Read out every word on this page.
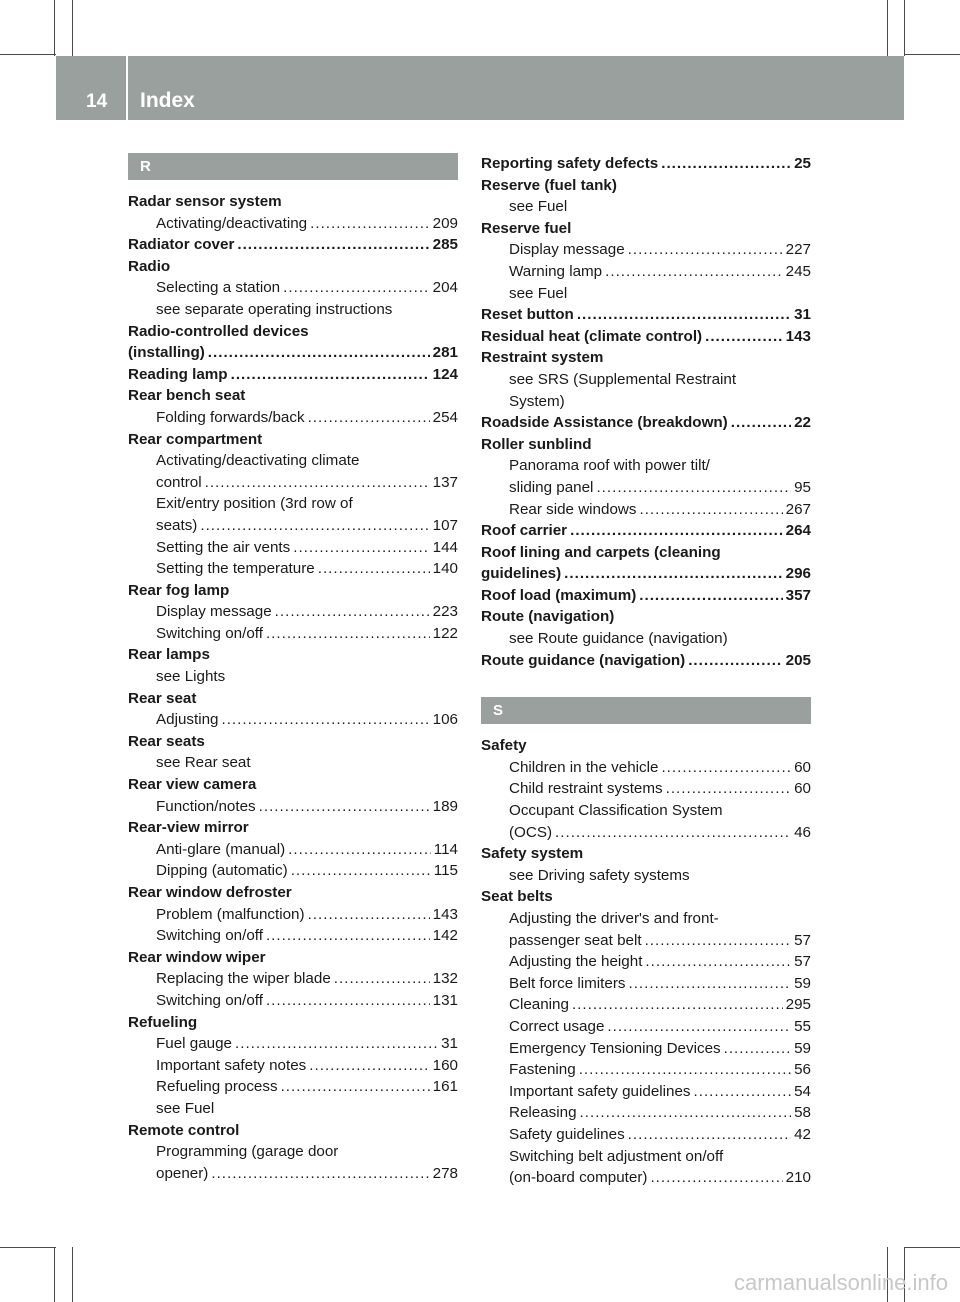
14 Index
R
Radar sensor system
Activating/deactivating .....	209
Radiator cover .....	285
Radio
Selecting a station .....	204
see separate operating instructions
Radio-controlled devices
(installing) .....	281
Reading lamp .....	124
Rear bench seat
Folding forwards/back .....	254
Rear compartment
Activating/deactivating climate
control .....	137
Exit/entry position (3rd row of
seats) .....	107
Setting the air vents .....	144
Setting the temperature .....	140
Rear fog lamp
Display message .....	223
Switching on/off .....	122
Rear lamps
see Lights
Rear seat
Adjusting .....	106
Rear seats
see Rear seat
Rear view camera
Function/notes .....	189
Rear-view mirror
Anti-glare (manual) .....	114
Dipping (automatic) .....	115
Rear window defroster
Problem (malfunction) .....	143
Switching on/off .....	142
Rear window wiper
Replacing the wiper blade .....	132
Switching on/off .....	131
Refueling
Fuel gauge .....	31
Important safety notes .....	160
Refueling process .....	161
see Fuel
Remote control
Programming (garage door
opener) .....	278
Reporting safety defects .....	25
Reserve (fuel tank)
see Fuel
Reserve fuel
Display message .....	227
Warning lamp .....	245
see Fuel
Reset button .....	31
Residual heat (climate control) .....	143
Restraint system
see SRS (Supplemental Restraint
System)
Roadside Assistance (breakdown) .....	22
Roller sunblind
Panorama roof with power tilt/
sliding panel .....	95
Rear side windows .....	267
Roof carrier .....	264
Roof lining and carpets (cleaning
guidelines) .....	296
Roof load (maximum) .....	357
Route (navigation)
see Route guidance (navigation)
Route guidance (navigation) .....	205
S
Safety
Children in the vehicle .....	60
Child restraint systems .....	60
Occupant Classification System
(OCS) .....	46
Safety system
see Driving safety systems
Seat belts
Adjusting the driver's and front-
passenger seat belt .....	57
Adjusting the height .....	57
Belt force limiters .....	59
Cleaning .....	295
Correct usage .....	55
Emergency Tensioning Devices .....	59
Fastening .....	56
Important safety guidelines .....	54
Releasing .....	58
Safety guidelines .....	42
Switching belt adjustment on/off
(on-board computer) .....	210
carmanualsonline.info
